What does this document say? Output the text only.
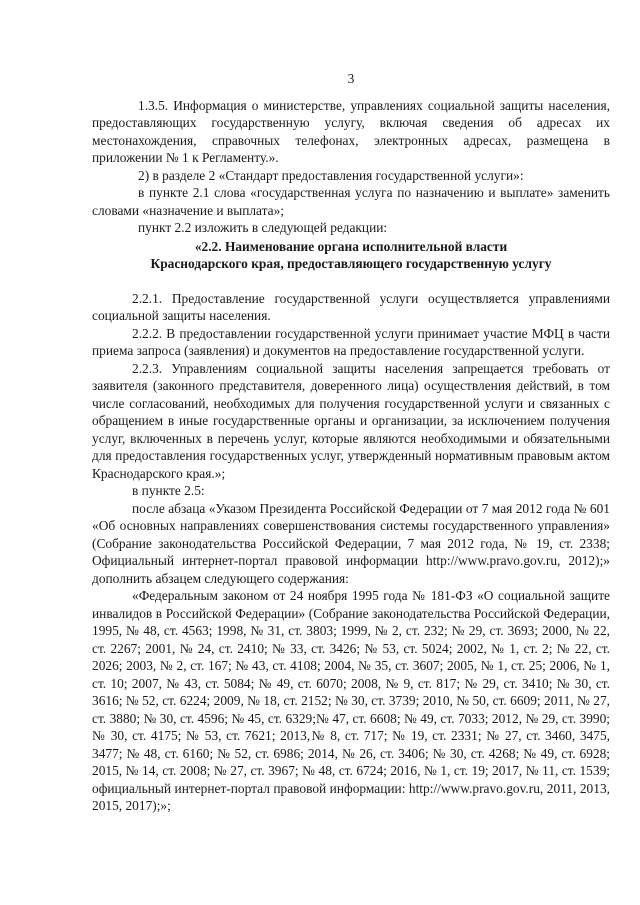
3

1.3.5. Информация о министерстве, управлениях социальной защиты населения, предоставляющих государственную услугу, включая сведения об адресах их местонахождения, справочных телефонах, электронных адресах, размещена в приложении № 1 к Регламенту.».

2) в разделе 2 «Стандарт предоставления государственной услуги»:

в пункте 2.1 слова «государственная услуга по назначению и выплате» заменить словами «назначение и выплата»;

пункт 2.2 изложить в следующей редакции:

«2.2. Наименование органа исполнительной власти
Краснодарского края, предоставляющего государственную услугу

2.2.1. Предоставление государственной услуги осуществляется управлениями социальной защиты населения.

2.2.2. В предоставлении государственной услуги принимает участие МФЦ в части приема запроса (заявления) и документов на предоставление государственной услуги.

2.2.3. Управлениям социальной защиты населения запрещается требовать от заявителя (законного представителя, доверенного лица) осуществления действий, в том числе согласований, необходимых для получения государственной услуги и связанных с обращением в иные государственные органы и организации, за исключением получения услуг, включенных в перечень услуг, которые являются необходимыми и обязательными для предоставления государственных услуг, утвержденный нормативным правовым актом Краснодарского края.»;

в пункте 2.5:

после абзаца «Указом Президента Российской Федерации от 7 мая 2012 года № 601 «Об основных направлениях совершенствования системы государственного управления» (Собрание законодательства Российской Федерации, 7 мая 2012 года, № 19, ст. 2338; Официальный интернет-портал правовой информации http://www.pravo.gov.ru, 2012);» дополнить абзацем следующего содержания:

«Федеральным законом от 24 ноября 1995 года № 181-ФЗ «О социальной защите инвалидов в Российской Федерации» (Собрание законодательства Российской Федерации, 1995, № 48, ст. 4563; 1998, № 31, ст. 3803; 1999, № 2, ст. 232; № 29, ст. 3693; 2000, № 22, ст. 2267; 2001, № 24, ст. 2410; № 33, ст. 3426; № 53, ст. 5024; 2002, № 1, ст. 2; № 22, ст. 2026; 2003, № 2, ст. 167; № 43, ст. 4108; 2004, № 35, ст. 3607; 2005, № 1, ст. 25; 2006, № 1, ст. 10; 2007, № 43, ст. 5084; № 49, ст. 6070; 2008, № 9, ст. 817; № 29, ст. 3410; № 30, ст. 3616; № 52, ст. 6224; 2009, № 18, ст. 2152; № 30, ст. 3739; 2010, № 50, ст. 6609; 2011, № 27, ст. 3880; № 30, ст. 4596; № 45, ст. 6329;№ 47, ст. 6608; № 49, ст. 7033; 2012, № 29, ст. 3990; № 30, ст. 4175; № 53, ст. 7621; 2013,№ 8, ст. 717; № 19, ст. 2331; № 27, ст. 3460, 3475, 3477; № 48, ст. 6160; № 52, ст. 6986; 2014, № 26, ст. 3406; № 30, ст. 4268; № 49, ст. 6928; 2015, № 14, ст. 2008; № 27, ст. 3967; № 48, ст. 6724; 2016, № 1, ст. 19; 2017, № 11, ст. 1539; официальный интернет-портал правовой информации: http://www.pravo.gov.ru, 2011, 2013, 2015, 2017);»;
